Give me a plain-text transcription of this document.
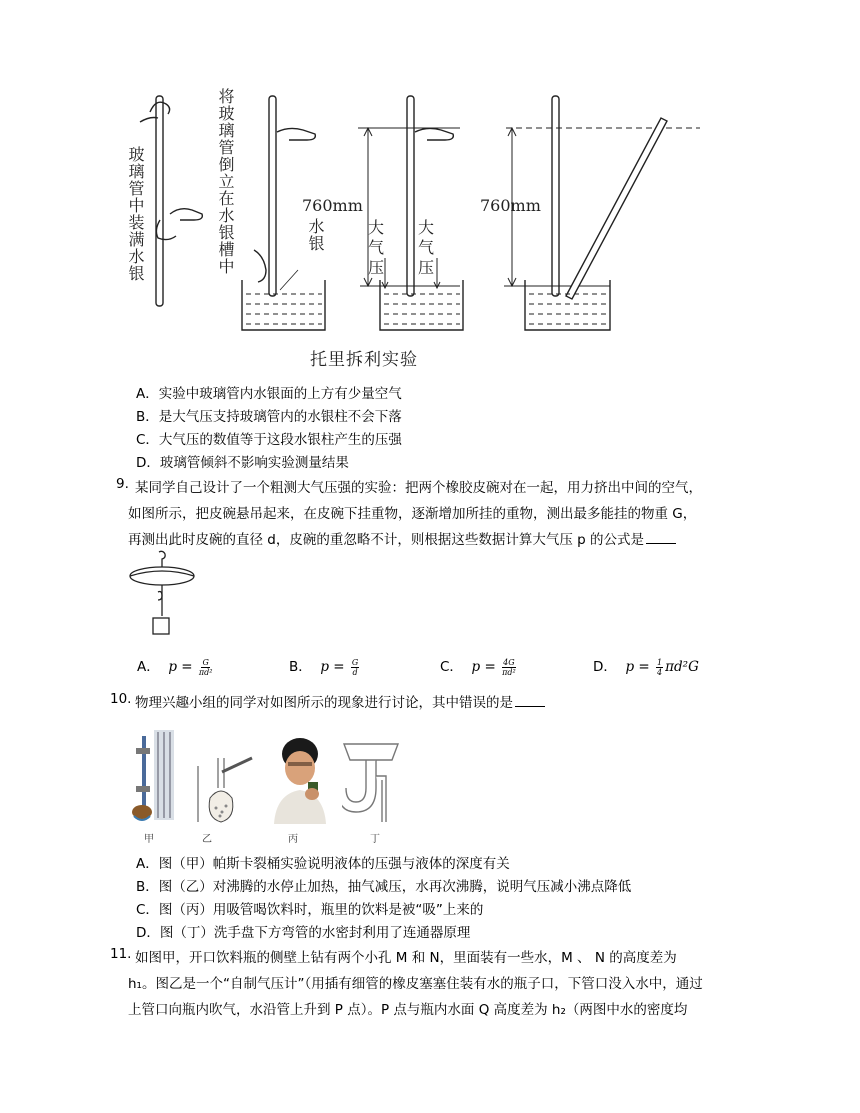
玻璃管中装满水银	将玻璃管倒立在水银槽中	水银	大气压
大气压
760mm	760mm
托里拆利实验
A．实验中玻璃管内水银面的上方有少量空气
B．是大气压支持玻璃管内的水银柱不会下落
C．大气压的数值等于这段水银柱产生的压强
D．玻璃管倾斜不影响实验测量结果
9. 某同学自己设计了一个粗测大气压强的实验：把两个橡胶皮碗对在一起，用力挤出中间的空气，
如图所示，把皮碗悬吊起来，在皮碗下挂重物，逐渐增加所挂的重物，测出最多能挂的物重 G，
再测出此时皮碗的直径 d，皮碗的重忽略不计，则根据这些数据计算大气压 p 的公式是
A． $p = \frac{G}{\text{πd²}}$	B． $p = \frac{G}{d}$	C． $p = \frac{4G}{\text{πd²}}$	D． $p = \frac{1}{4} \pi d^2G$
10. 物理兴趣小组的同学对如图所示的现象进行讨论，其中错误的是
甲	乙	丙	丁
A．图（甲）帕斯卡裂桶实验说明液体的压强与液体的深度有关
B．图（乙）对沸腾的水停止加热，抽气减压，水再次沸腾，说明气压减小沸点降低
C．图（丙）用吸管喝饮料时，瓶里的饮料是被“吸”上来的
D．图（丁）洗手盘下方弯管的水密封利用了连通器原理
11. 如图甲，开口饮料瓶的侧壁上钻有两个小孔 M 和 N，里面装有一些水，M 、 N 的高度差为
h₁。图乙是一个“自制气压计”（用插有细管的橡皮塞塞住装有水的瓶子口，下管口没入水中，通过
上管口向瓶内吹气，水沿管上升到 P 点）。P 点与瓶内水面 Q 高度差为 h₂（两图中水的密度均
